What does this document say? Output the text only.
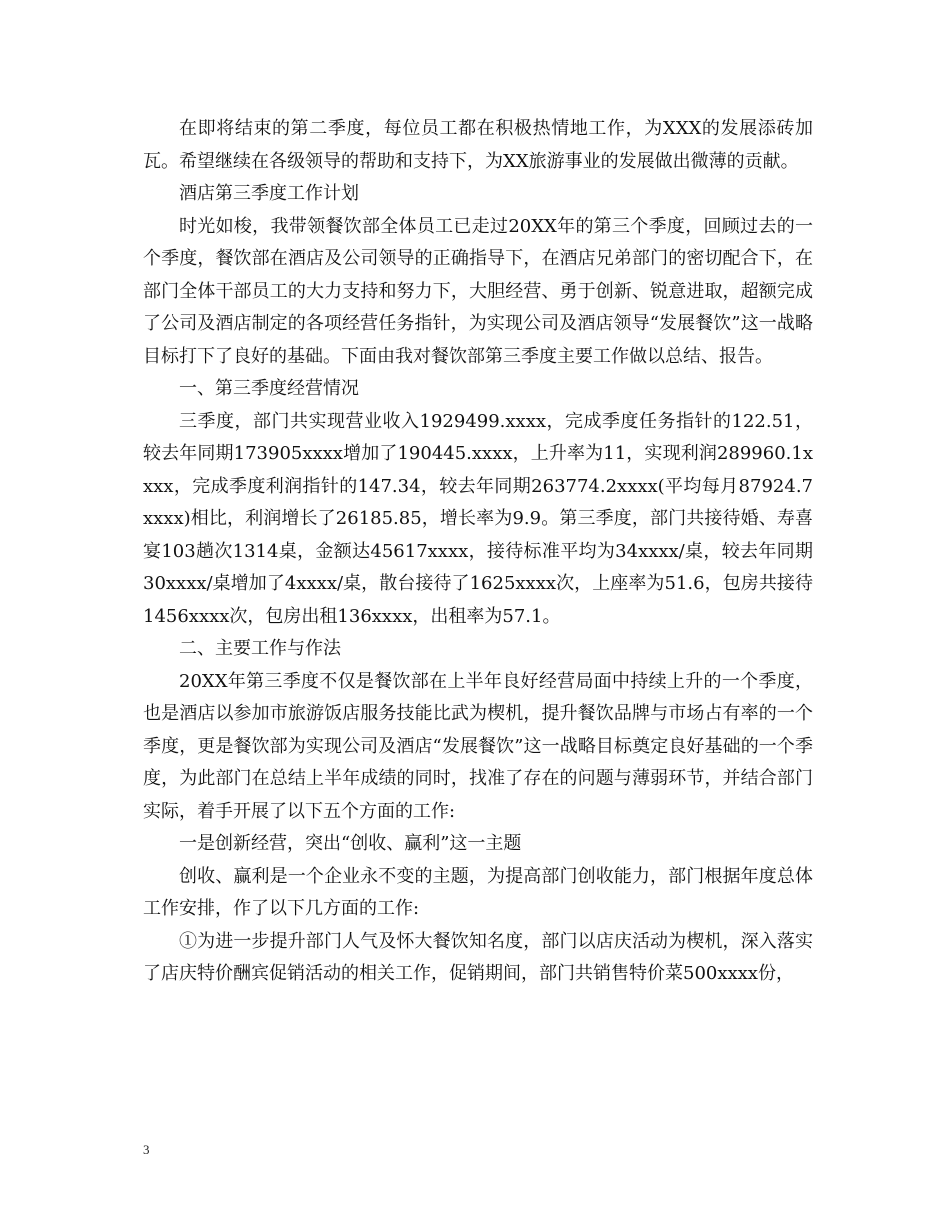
在即将结束的第二季度，每位员工都在积极热情地工作，为XXX的发展添砖加瓦。希望继续在各级领导的帮助和支持下，为XX旅游事业的发展做出微薄的贡献。

酒店第三季度工作计划

时光如梭，我带领餐饮部全体员工已走过20XX年的第三个季度，回顾过去的一个季度，餐饮部在酒店及公司领导的正确指导下，在酒店兄弟部门的密切配合下，在部门全体干部员工的大力支持和努力下，大胆经营、勇于创新、锐意进取，超额完成了公司及酒店制定的各项经营任务指针，为实现公司及酒店领导“发展餐饮”这一战略目标打下了良好的基础。下面由我对餐饮部第三季度主要工作做以总结、报告。

一、第三季度经营情况

三季度，部门共实现营业收入1929499.xxxx，完成季度任务指针的122.51，较去年同期173905xxxx增加了190445.xxxx，上升率为11，实现利润289960.1xxxx，完成季度利润指针的147.34，较去年同期263774.2xxxx(平均每月87924.7xxxx)相比，利润增长了26185.85，增长率为9.9。第三季度，部门共接待婚、寿喜宴103趟次1314桌，金额达45617xxxx，接待标准平均为34xxxx/桌，较去年同期30xxxx/桌增加了4xxxx/桌，散台接待了1625xxxx次，上座率为51.6，包房共接待1456xxxx次，包房出租136xxxx，出租率为57.1。

二、主要工作与作法

20XX年第三季度不仅是餐饮部在上半年良好经营局面中持续上升的一个季度，也是酒店以参加市旅游饭店服务技能比武为楔机，提升餐饮品牌与市场占有率的一个季度，更是餐饮部为实现公司及酒店“发展餐饮”这一战略目标奠定良好基础的一个季度，为此部门在总结上半年成绩的同时，找准了存在的问题与薄弱环节，并结合部门实际，着手开展了以下五个方面的工作:

一是创新经营，突出“创收、赢利”这一主题

创收、赢利是一个企业永不变的主题，为提高部门创收能力，部门根据年度总体工作安排，作了以下几方面的工作:

①为进一步提升部门人气及怀大餐饮知名度，部门以店庆活动为楔机，深入落实了店庆特价酬宾促销活动的相关工作，促销期间，部门共销售特价菜500xxxx份，

3
